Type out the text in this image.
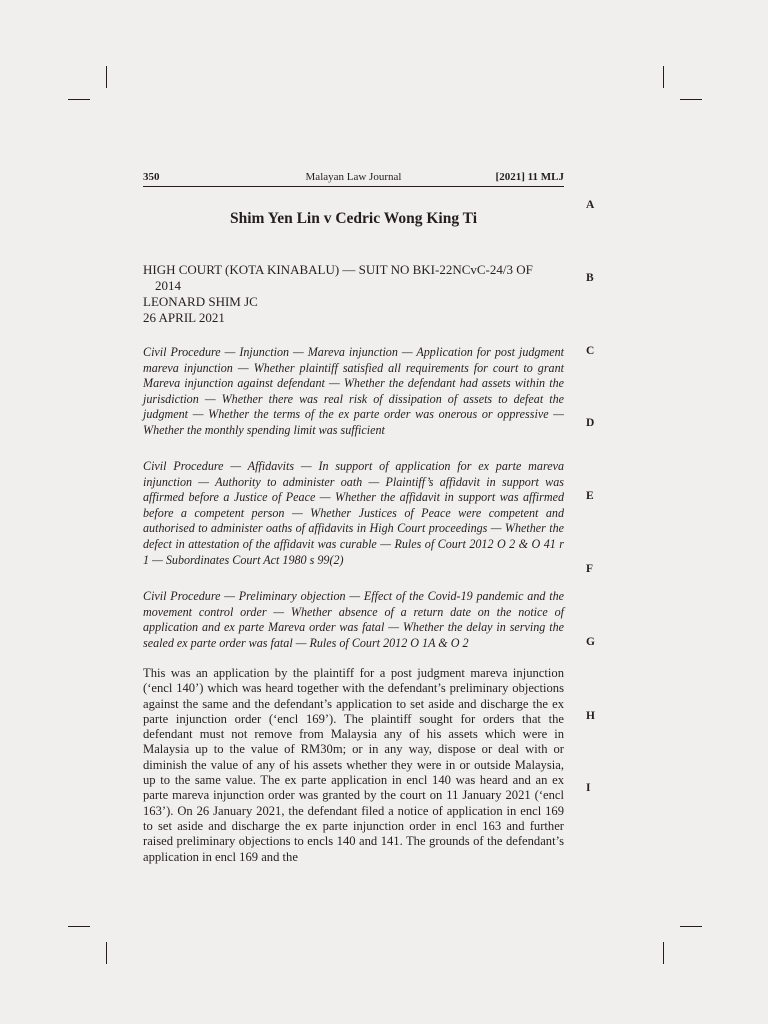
350	Malayan Law Journal	[2021] 11 MLJ
Shim Yen Lin v Cedric Wong King Ti
HIGH COURT (KOTA KINABALU) — SUIT NO BKI-22NCvC-24/3 OF
2014
LEONARD SHIM JC
26 APRIL 2021
Civil Procedure — Injunction — Mareva injunction — Application for post judgment mareva injunction — Whether plaintiff satisfied all requirements for court to grant Mareva injunction against defendant — Whether the defendant had assets within the jurisdiction — Whether there was real risk of dissipation of assets to defeat the judgment — Whether the terms of the ex parte order was onerous or oppressive — Whether the monthly spending limit was sufficient
Civil Procedure — Affidavits — In support of application for ex parte mareva injunction — Authority to administer oath — Plaintiff’s affidavit in support was affirmed before a Justice of Peace — Whether the affidavit in support was affirmed before a competent person — Whether Justices of Peace were competent and authorised to administer oaths of affidavits in High Court proceedings — Whether the defect in attestation of the affidavit was curable — Rules of Court 2012 O 2 & O 41 r 1 — Subordinates Court Act 1980 s 99(2)
Civil Procedure — Preliminary objection — Effect of the Covid-19 pandemic and the movement control order — Whether absence of a return date on the notice of application and ex parte Mareva order was fatal — Whether the delay in serving the sealed ex parte order was fatal — Rules of Court 2012 O 1A & O 2
This was an application by the plaintiff for a post judgment mareva injunction (‘encl 140’) which was heard together with the defendant’s preliminary objections against the same and the defendant’s application to set aside and discharge the ex parte injunction order (‘encl 169’). The plaintiff sought for orders that the defendant must not remove from Malaysia any of his assets which were in Malaysia up to the value of RM30m; or in any way, dispose or deal with or diminish the value of any of his assets whether they were in or outside Malaysia, up to the same value. The ex parte application in encl 140 was heard and an ex parte mareva injunction order was granted by the court on 11 January 2021 (‘encl 163’). On 26 January 2021, the defendant filed a notice of application in encl 169 to set aside and discharge the ex parte injunction order in encl 163 and further raised preliminary objections to encls 140 and 141. The grounds of the defendant’s application in encl 169 and the
A
B
C
D
E
F
G
H
I
